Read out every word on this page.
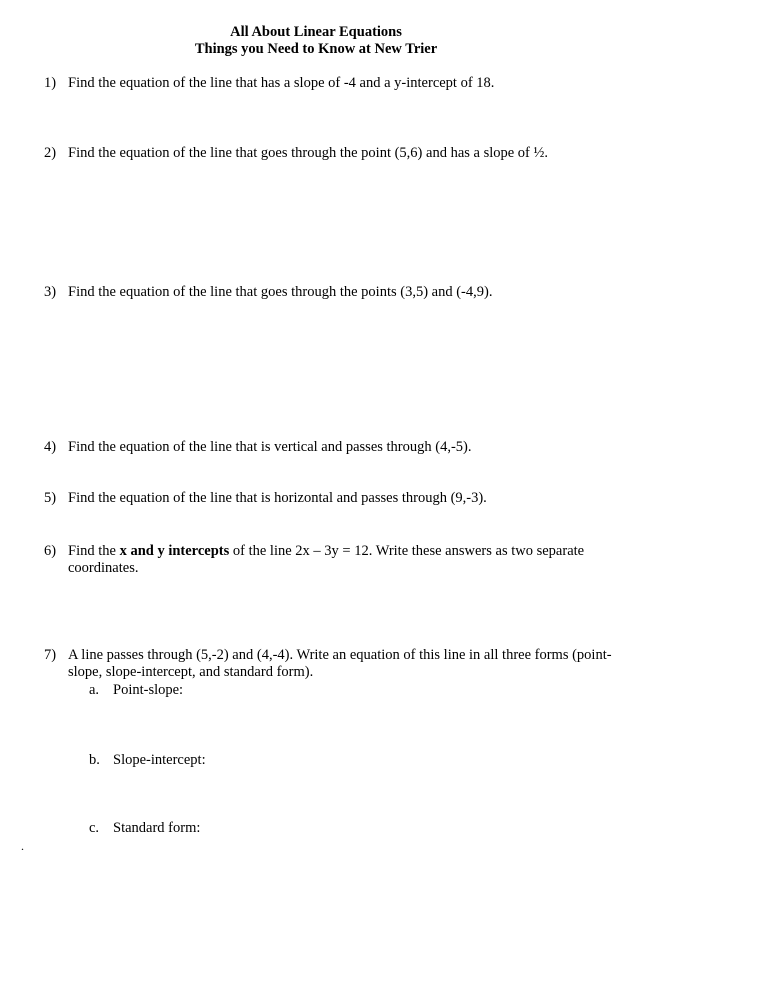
All About Linear Equations
Things you Need to Know at New Trier
1) Find the equation of the line that has a slope of -4 and a y-intercept of 18.
2) Find the equation of the line that goes through the point (5,6) and has a slope of ½.
3) Find the equation of the line that goes through the points (3,5) and (-4,9).
4) Find the equation of the line that is vertical and passes through (4,-5).
5) Find the equation of the line that is horizontal and passes through (9,-3).
6) Find the x and y intercepts of the line 2x – 3y = 12. Write these answers as two separate coordinates.
7) A line passes through (5,-2) and (4,-4). Write an equation of this line in all three forms (point-slope, slope-intercept, and standard form).
a. Point-slope:
b. Slope-intercept:
c. Standard form:
.
